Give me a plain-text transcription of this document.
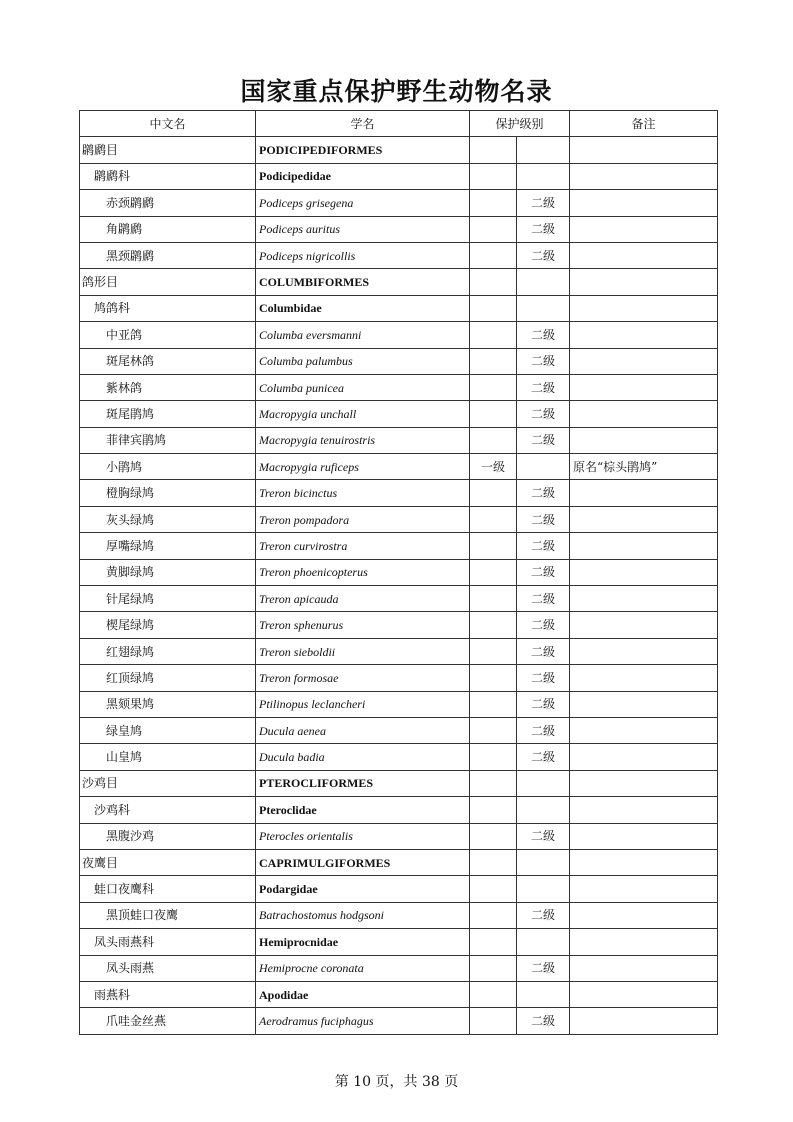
国家重点保护野生动物名录
中文名	学名	保护级别		备注
䴙䴘目	PODICIPEDIFORMES			
䴙䴘科	Podicipedidae			
赤颈䴙䴘	Podiceps grisegena		二级	
角䴙䴘	Podiceps auritus		二级	
黑颈䴙䴘	Podiceps nigricollis		二级	
鸽形目	COLUMBIFORMES			
鸠鸽科	Columbidae			
中亚鸽	Columba eversmanni		二级	
斑尾林鸽	Columba palumbus		二级	
紫林鸽	Columba punicea		二级	
斑尾鹃鸠	Macropygia unchall		二级	
菲律宾鹃鸠	Macropygia tenuirostris		二级	
小鹃鸠	Macropygia ruficeps	一级		原名“棕头鹃鸠”
橙胸绿鸠	Treron bicinctus		二级	
灰头绿鸠	Treron pompadora		二级	
厚嘴绿鸠	Treron curvirostra		二级	
黄脚绿鸠	Treron phoenicopterus		二级	
针尾绿鸠	Treron apicauda		二级	
楔尾绿鸠	Treron sphenurus		二级	
红翅绿鸠	Treron sieboldii		二级	
红顶绿鸠	Treron formosae		二级	
黑颏果鸠	Ptilinopus leclancheri		二级	
绿皇鸠	Ducula aenea		二级	
山皇鸠	Ducula badia		二级	
沙鸡目	PTEROCLIFORMES			
沙鸡科	Pteroclidae			
黑腹沙鸡	Pterocles orientalis		二级	
夜鹰目	CAPRIMULGIFORMES			
蛙口夜鹰科	Podargidae			
黑顶蛙口夜鹰	Batrachostomus hodgsoni		二级	
凤头雨燕科	Hemiprocnidae			
凤头雨燕	Hemiprocne coronata		二级	
雨燕科	Apodidae			
爪哇金丝燕	Aerodramus fuciphagus		二级	
第 10 页，共 38 页
